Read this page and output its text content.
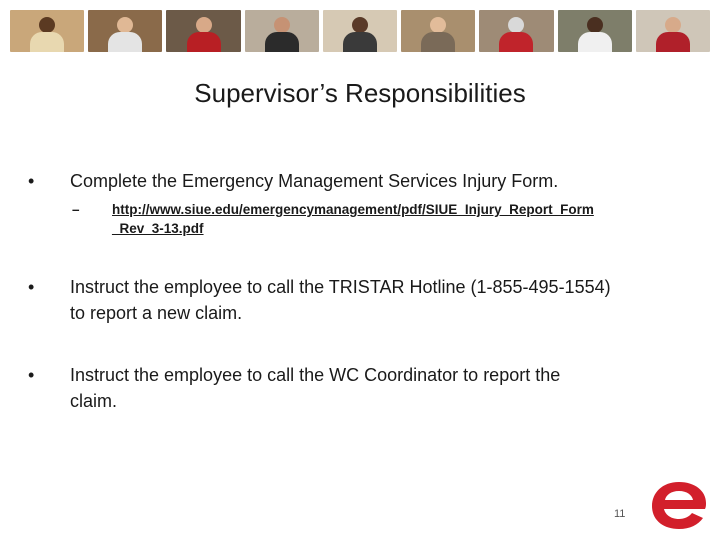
Supervisor’s Responsibilities
•	Complete the Emergency Management Services Injury Form.
– http://www.siue.edu/emergencymanagement/pdf/SIUE_Injury_Report_Form
_Rev_3-13.pdf
•	Instruct the employee to call the TRISTAR Hotline (1-855-495-1554)
to report a new claim.
•	Instruct the employee to call the WC Coordinator to report the
claim.
11
